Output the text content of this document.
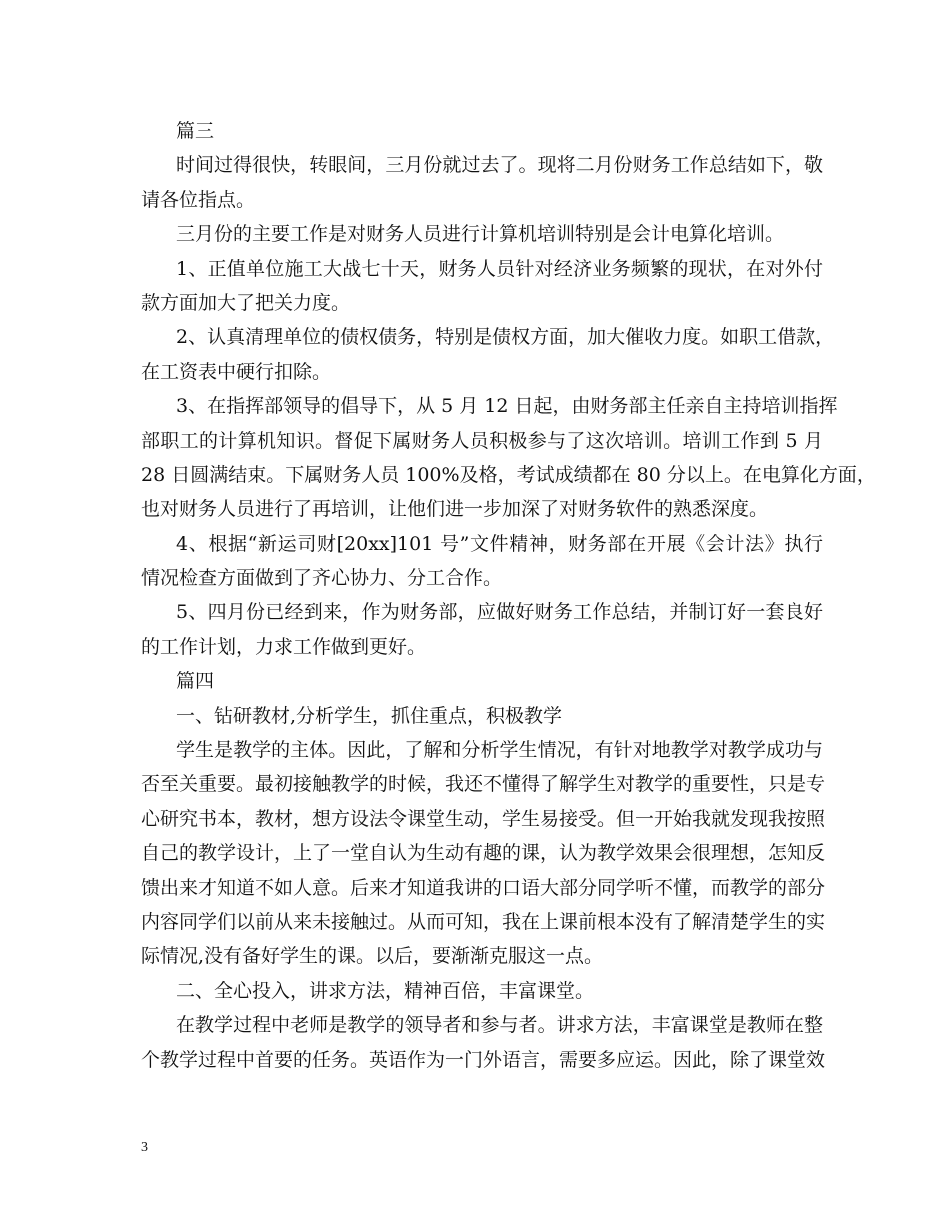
篇三
时间过得很快，转眼间，三月份就过去了。现将二月份财务工作总结如下，敬
请各位指点。
三月份的主要工作是对财务人员进行计算机培训特别是会计电算化培训。
1、正值单位施工大战七十天，财务人员针对经济业务频繁的现状，在对外付
款方面加大了把关力度。
2、认真清理单位的债权债务，特别是债权方面，加大催收力度。如职工借款，
在工资表中硬行扣除。
3、在指挥部领导的倡导下，从 5 月 12 日起，由财务部主任亲自主持培训指挥
部职工的计算机知识。督促下属财务人员积极参与了这次培训。培训工作到 5 月
28 日圆满结束。下属财务人员 100%及格，考试成绩都在 80 分以上。在电算化方面，
也对财务人员进行了再培训，让他们进一步加深了对财务软件的熟悉深度。
4、根据“新运司财[20xx]101 号”文件精神，财务部在开展《会计法》执行
情况检查方面做到了齐心协力、分工合作。
5、四月份已经到来，作为财务部，应做好财务工作总结，并制订好一套良好
的工作计划，力求工作做到更好。
篇四
一、钻研教材,分析学生，抓住重点，积极教学
学生是教学的主体。因此，了解和分析学生情况，有针对地教学对教学成功与
否至关重要。最初接触教学的时候，我还不懂得了解学生对教学的重要性，只是专
心研究书本，教材，想方设法令课堂生动，学生易接受。但一开始我就发现我按照
自己的教学设计，上了一堂自认为生动有趣的课，认为教学效果会很理想，怎知反
馈出来才知道不如人意。后来才知道我讲的口语大部分同学听不懂，而教学的部分
内容同学们以前从来未接触过。从而可知，我在上课前根本没有了解清楚学生的实
际情况,没有备好学生的课。以后，要渐渐克服这一点。
二、全心投入，讲求方法，精神百倍，丰富课堂。
在教学过程中老师是教学的领导者和参与者。讲求方法，丰富课堂是教师在整
个教学过程中首要的任务。英语作为一门外语言，需要多应运。因此，除了课堂效
3
